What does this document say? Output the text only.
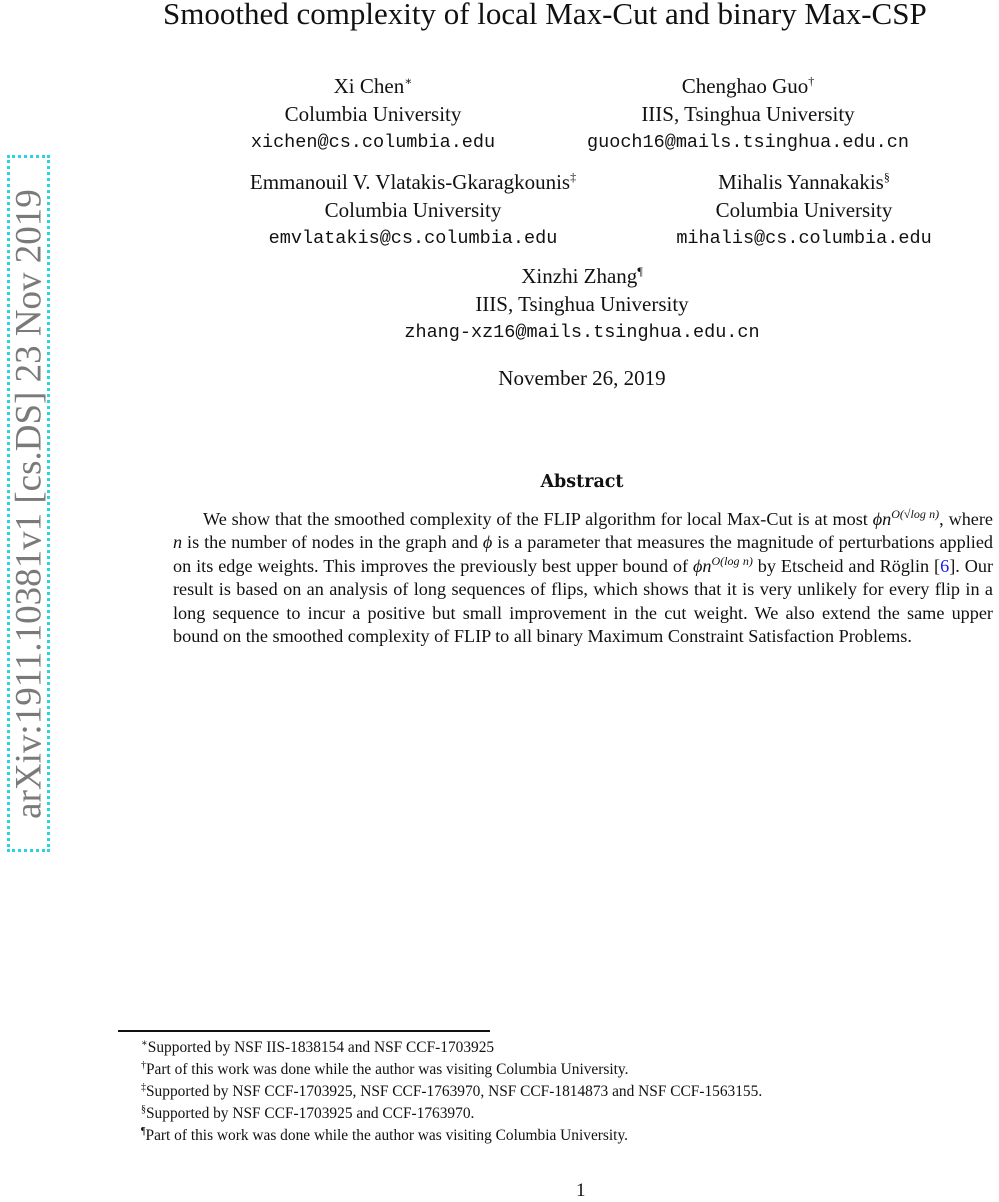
arXiv:1911.10381v1 [cs.DS] 23 Nov 2019
Smoothed complexity of local Max-Cut and binary Max-CSP
Xi Chen∗
Columbia University
xichen@cs.columbia.edu
Chenghao Guo†
IIIS, Tsinghua University
guoch16@mails.tsinghua.edu.cn
Emmanouil V. Vlatakis-Gkaragkounis‡
Columbia University
emvlatakis@cs.columbia.edu
Mihalis Yannakakis§
Columbia University
mihalis@cs.columbia.edu
Xinzhi Zhang¶
IIIS, Tsinghua University
zhang-xz16@mails.tsinghua.edu.cn
November 26, 2019
Abstract
We show that the smoothed complexity of the FLIP algorithm for local Max-Cut is at most $\phi n^{O(√log n)}$, where n is the number of nodes in the graph and ϕ is a parameter that measures the magnitude of perturbations applied on its edge weights. This improves the previously best upper bound of $\phi n^{O(log n)}$ by Etscheid and Röglin [6]. Our result is based on an analysis of long sequences of flips, which shows that it is very unlikely for every flip in a long sequence to incur a positive but small improvement in the cut weight. We also extend the same upper bound on the smoothed complexity of FLIP to all binary Maximum Constraint Satisfaction Problems.
∗Supported by NSF IIS-1838154 and NSF CCF-1703925
†Part of this work was done while the author was visiting Columbia University.
‡Supported by NSF CCF-1703925, NSF CCF-1763970, NSF CCF-1814873 and NSF CCF-1563155.
§Supported by NSF CCF-1703925 and CCF-1763970.
¶Part of this work was done while the author was visiting Columbia University.
1
